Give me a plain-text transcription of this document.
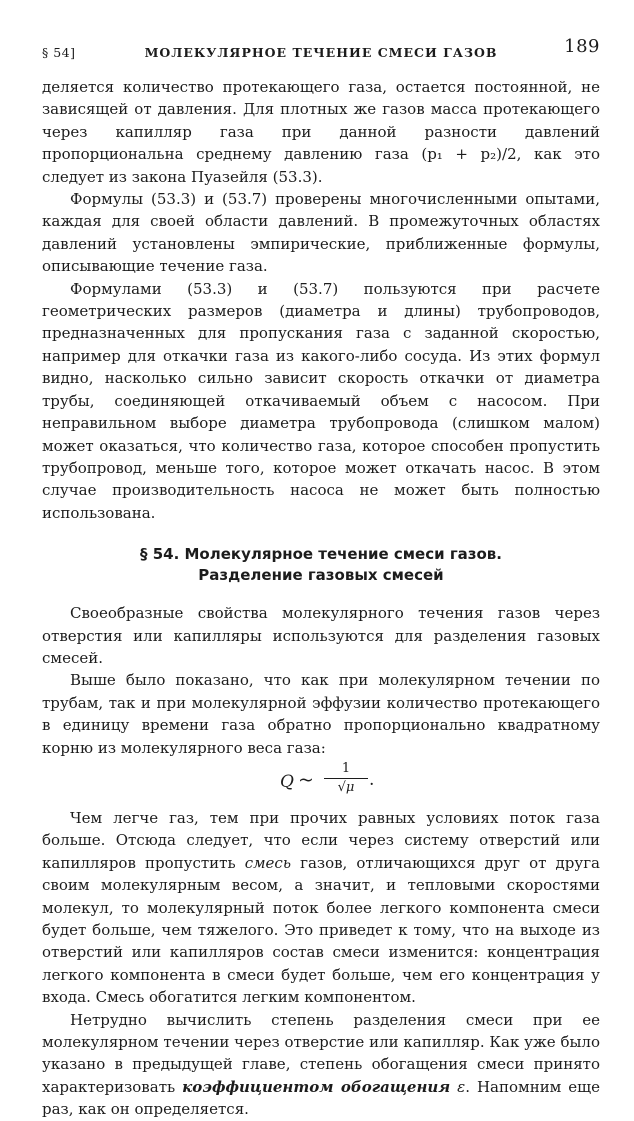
§ 54]	МОЛЕКУЛЯРНОЕ ТЕЧЕНИЕ СМЕСИ ГАЗОВ	189

деляется количество протекающего газа, остается постоянной, не зависящей от давления. Для плотных же газов масса протекающего через капилляр газа при данной разности давлений пропорциональна среднему давлению газа (p₁ + p₂)/2, как это следует из закона Пуазейля (53.3).

Формулы (53.3) и (53.7) проверены многочисленными опытами, каждая для своей области давлений. В промежуточных областях давлений установлены эмпирические, приближенные формулы, описывающие течение газа.

Формулами (53.3) и (53.7) пользуются при расчете геометрических размеров (диаметра и длины) трубопроводов, предназначенных для пропускания газа с заданной скоростью, например для откачки газа из какого-либо сосуда. Из этих формул видно, насколько сильно зависит скорость откачки от диаметра трубы, соединяющей откачиваемый объем с насосом. При неправильном выборе диаметра трубопровода (слишком малом) может оказаться, что количество газа, которое способен пропустить трубопровод, меньше того, которое может откачать насос. В этом случае производительность насоса не может быть полностью использована.

§ 54. Молекулярное течение смеси газов.
Разделение газовых смесей

Своеобразные свойства молекулярного течения газов через отверстия или капилляры используются для разделения газовых смесей.

Выше было показано, что как при молекулярном течении по трубам, так и при молекулярной эффузии количество протекающего в единицу времени газа обратно пропорционально квадратному корню из молекулярного веса газа:

Q ~
1
√μ .

Чем легче газ, тем при прочих равных условиях поток газа больше. Отсюда следует, что если через систему отверстий или капилляров пропустить смесь газов, отличающихся друг от друга своим молекулярным весом, а значит, и тепловыми скоростями молекул, то молекулярный поток более легкого компонента смеси будет больше, чем тяжелого. Это приведет к тому, что на выходе из отверстий или капилляров состав смеси изменится: концентрация легкого компонента в смеси будет больше, чем его концентрация у входа. Смесь обогатится легким компонентом.

Нетрудно вычислить степень разделения смеси при ее молекулярном течении через отверстие или капилляр. Как уже было указано в предыдущей главе, степень обогащения смеси принято характеризовать коэффициентом обогащения ε. Напомним еще раз, как он определяется.
